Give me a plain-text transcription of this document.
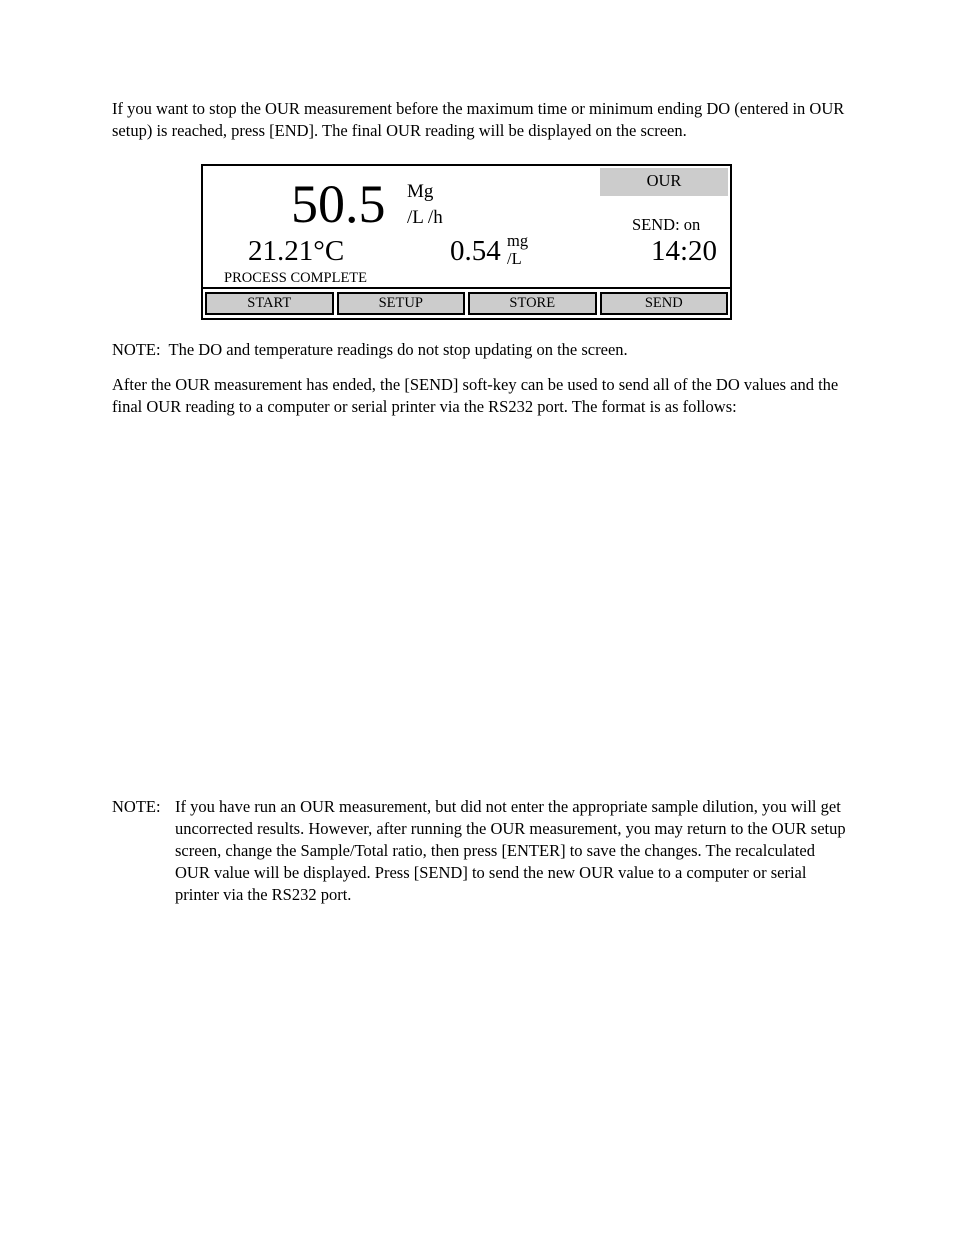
If you want to stop the OUR measurement before the maximum time or minimum ending DO (entered in OUR setup) is reached, press [END]. The final OUR reading will be displayed on the screen.

50.5 Mg
/L /h
OUR
SEND: on
21.21°C	0.54 mg
/L	14:20
PROCESS COMPLETE
START	SETUP	STORE	SEND

NOTE:  The DO and temperature readings do not stop updating on the screen.

After the OUR measurement has ended, the [SEND] soft-key can be used to send all of the DO values and the final OUR reading to a computer or serial printer via the RS232 port. The format is as follows:

NOTE: If you have run an OUR measurement, but did not enter the appropriate sample dilution, you will get uncorrected results. However, after running the OUR measurement, you may return to the OUR setup screen, change the Sample/Total ratio, then press [ENTER] to save the changes. The recalculated OUR value will be displayed. Press [SEND] to send the new OUR value to a computer or serial printer via the RS232 port.
